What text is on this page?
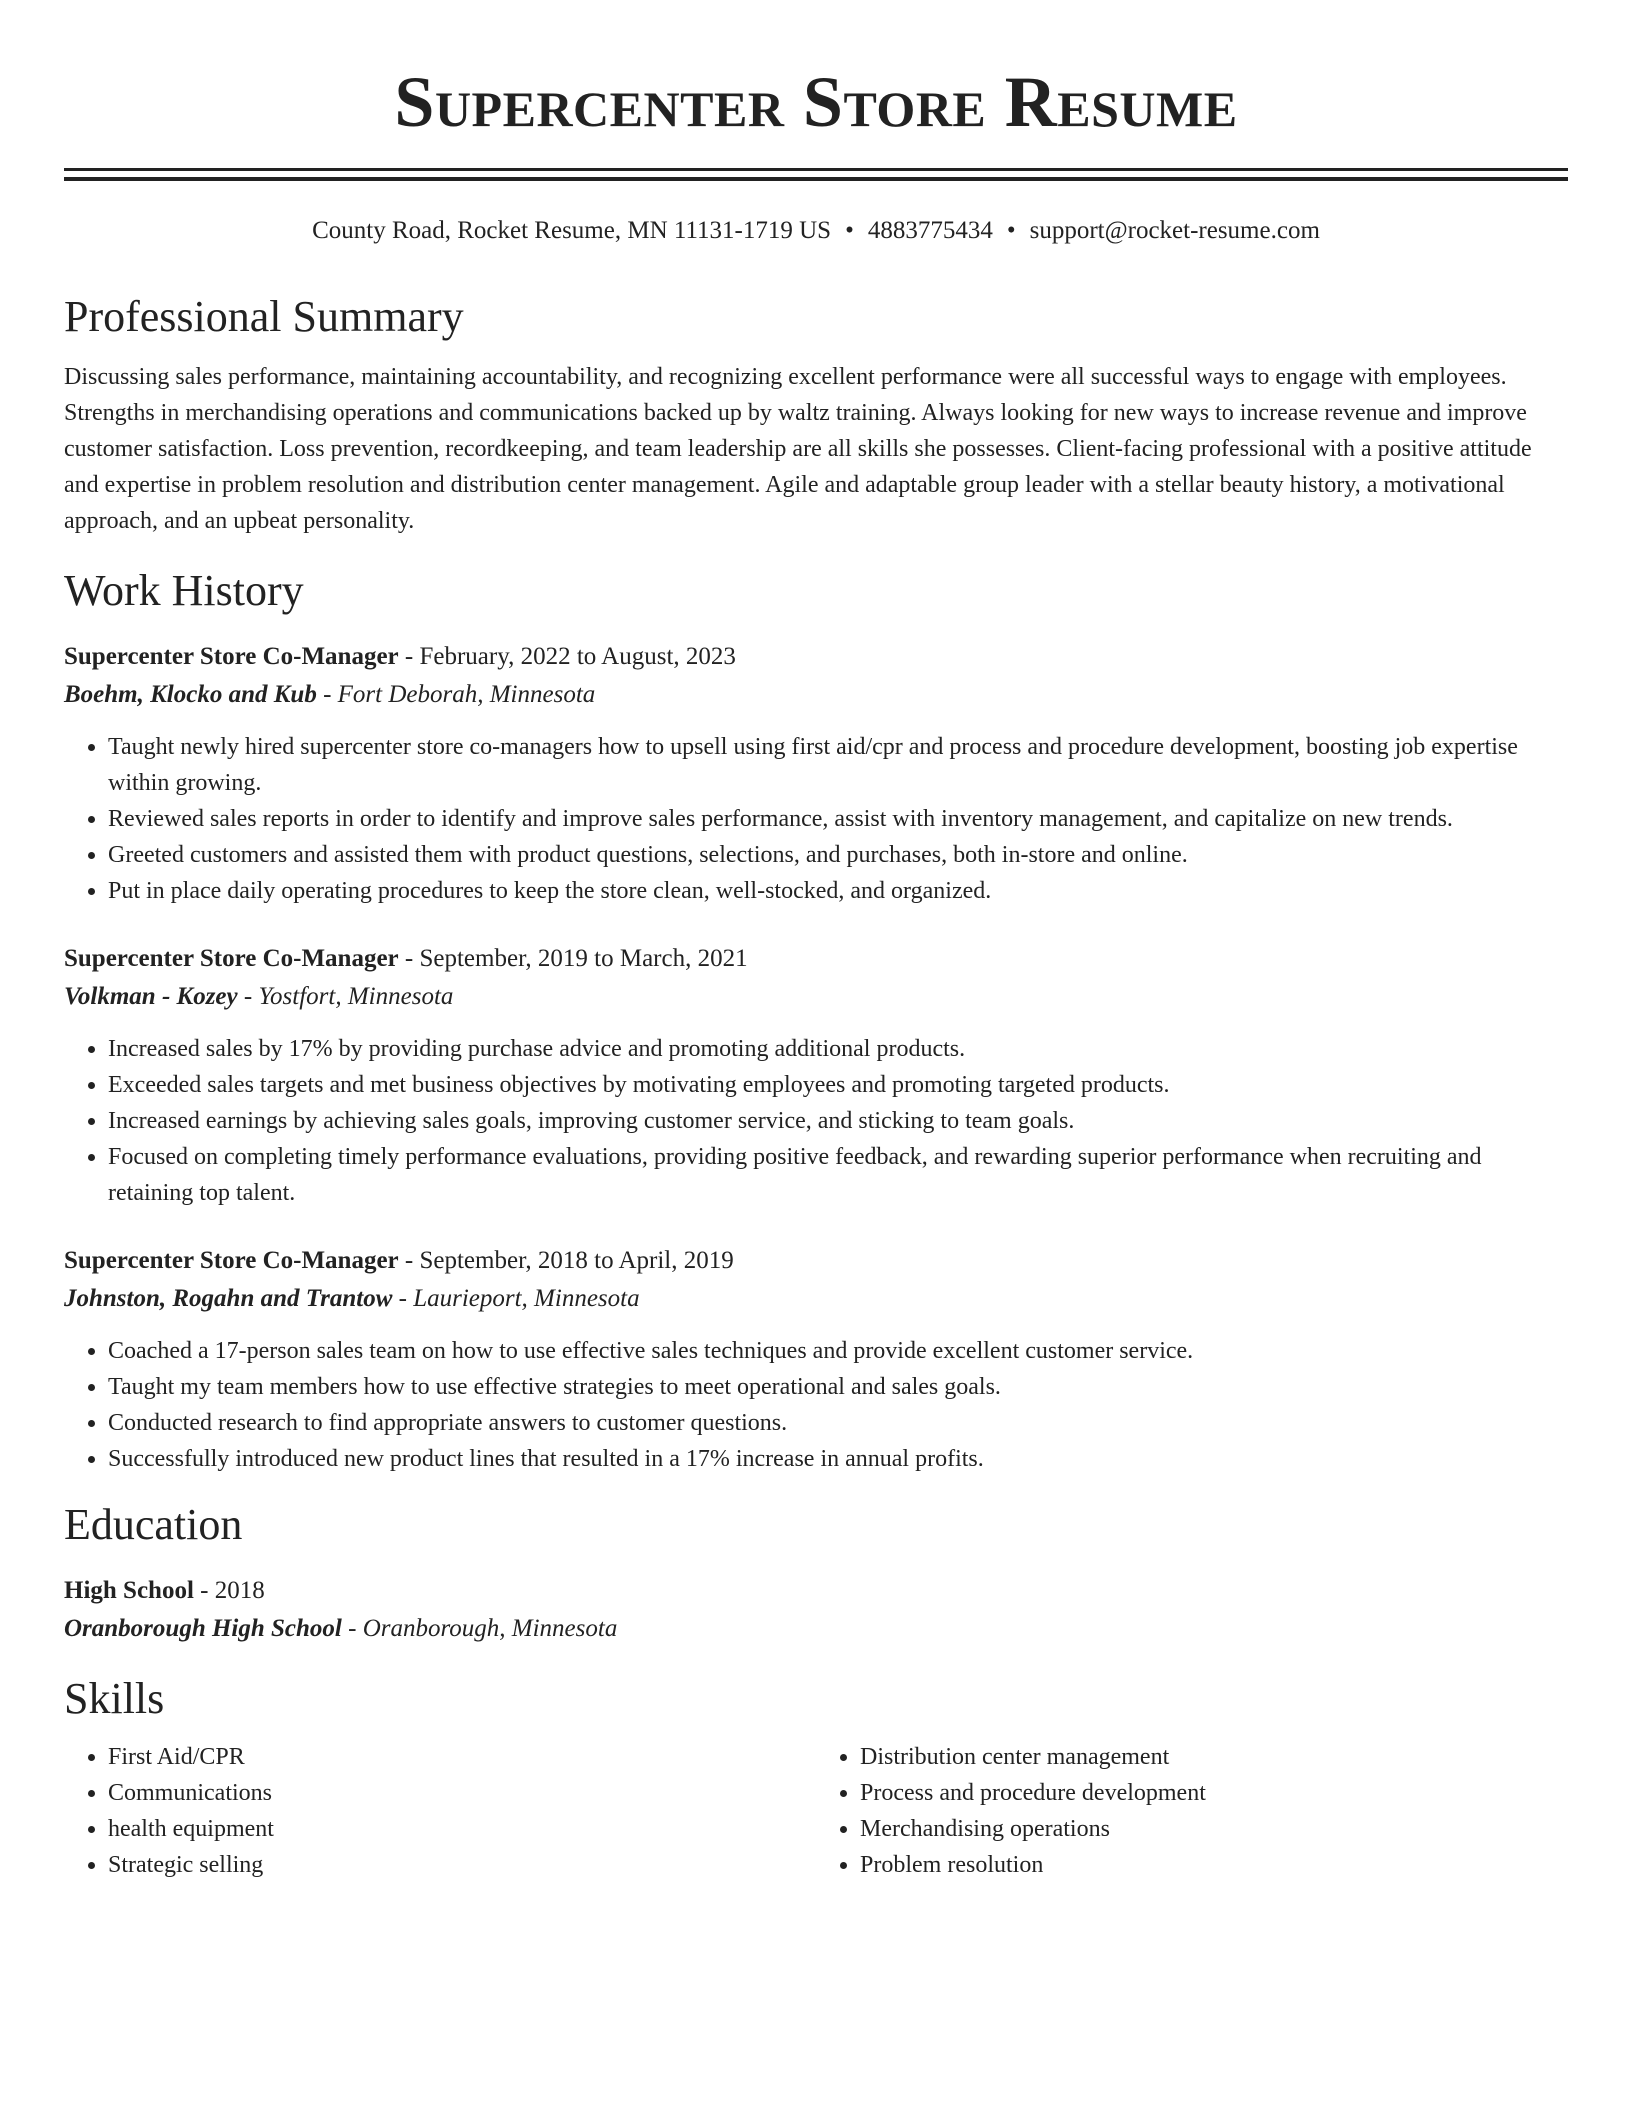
Supercenter Store Resume
County Road, Rocket Resume, MN 11131-1719 US • 4883775434 • support@rocket-resume.com
Professional Summary

Discussing sales performance, maintaining accountability, and recognizing excellent performance were all successful ways to engage with employees. Strengths in merchandising operations and communications backed up by waltz training. Always looking for new ways to increase revenue and improve customer satisfaction. Loss prevention, recordkeeping, and team leadership are all skills she possesses. Client-facing professional with a positive attitude and expertise in problem resolution and distribution center management. Agile and adaptable group leader with a stellar beauty history, a motivational approach, and an upbeat personality.

Work History

Supercenter Store Co-Manager - February, 2022 to August, 2023

Boehm, Klocko and Kub - Fort Deborah, Minnesota

• Taught newly hired supercenter store co-managers how to upsell using first aid/cpr and process and procedure development, boosting job expertise within growing.
• Reviewed sales reports in order to identify and improve sales performance, assist with inventory management, and capitalize on new trends.
• Greeted customers and assisted them with product questions, selections, and purchases, both in-store and online.
• Put in place daily operating procedures to keep the store clean, well-stocked, and organized.

Supercenter Store Co-Manager - September, 2019 to March, 2021

Volkman - Kozey - Yostfort, Minnesota

• Increased sales by 17% by providing purchase advice and promoting additional products.
• Exceeded sales targets and met business objectives by motivating employees and promoting targeted products.
• Increased earnings by achieving sales goals, improving customer service, and sticking to team goals.
• Focused on completing timely performance evaluations, providing positive feedback, and rewarding superior performance when recruiting and retaining top talent.

Supercenter Store Co-Manager - September, 2018 to April, 2019

Johnston, Rogahn and Trantow - Laurieport, Minnesota

• Coached a 17-person sales team on how to use effective sales techniques and provide excellent customer service.
• Taught my team members how to use effective strategies to meet operational and sales goals.
• Conducted research to find appropriate answers to customer questions.
• Successfully introduced new product lines that resulted in a 17% increase in annual profits.
Education

High School - 2018

Oranborough High School - Oranborough, Minnesota

Skills
• First Aid/CPR
• Communications
• health equipment
• Strategic selling
• Distribution center management
• Process and procedure development
• Merchandising operations
• Problem resolution
